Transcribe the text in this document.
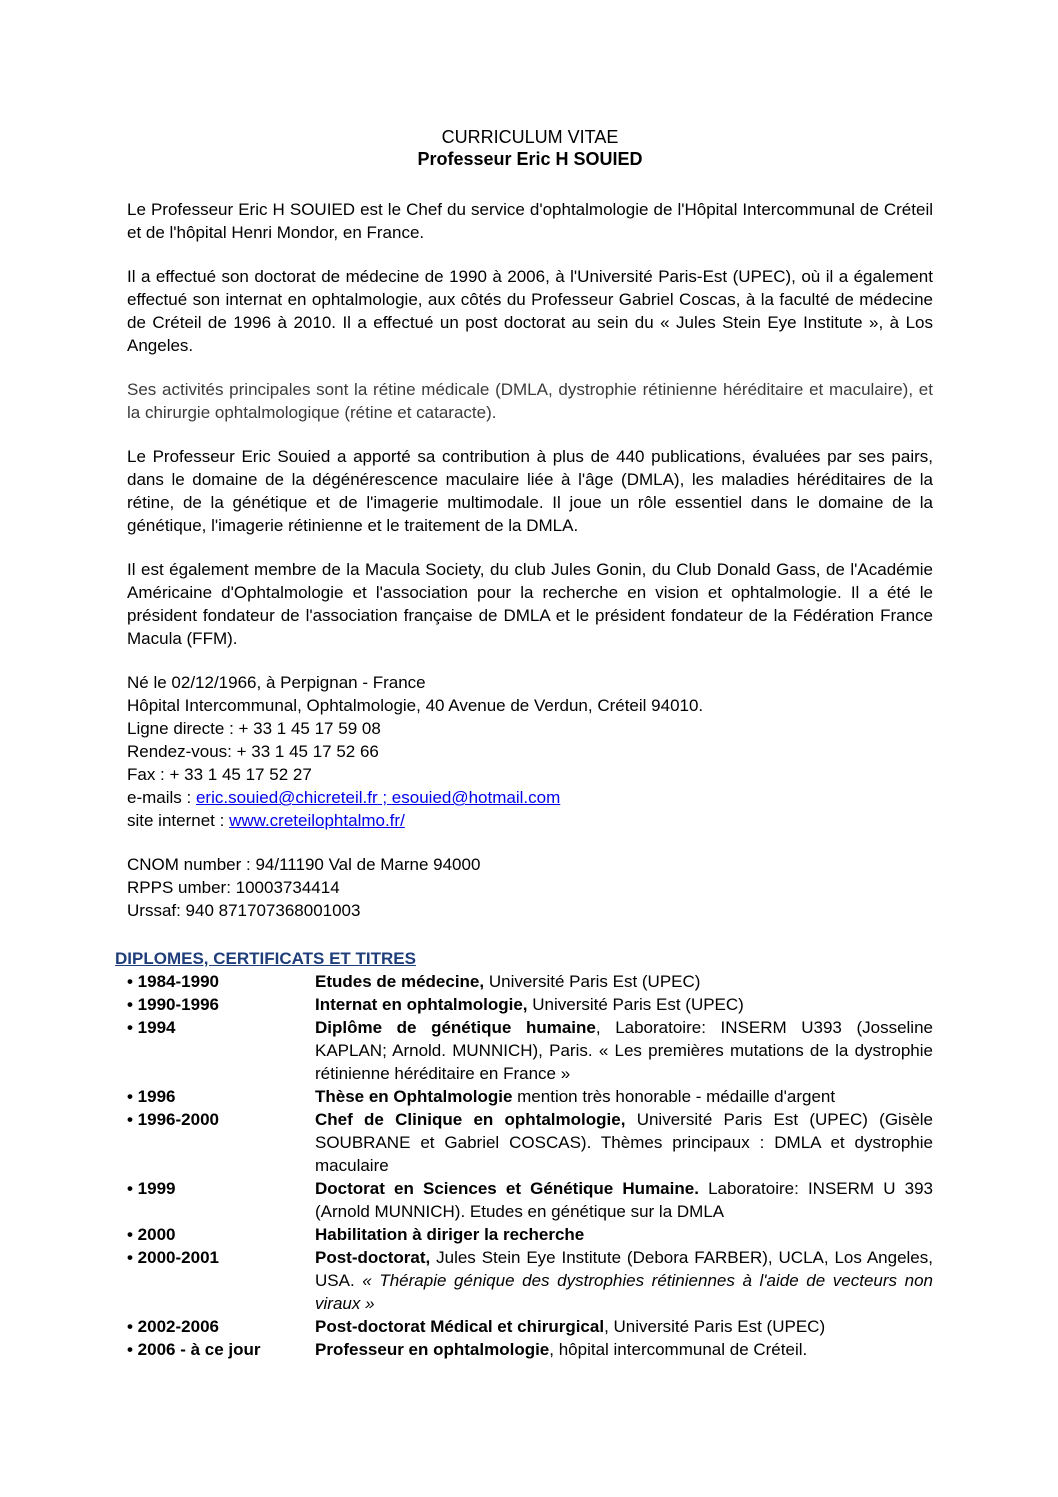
CURRICULUM VITAE

Professeur Eric H SOUIED

Le Professeur Eric H SOUIED est le Chef du service d'ophtalmologie de l'Hôpital Intercommunal de Créteil et de l'hôpital Henri Mondor, en France.

Il a effectué son doctorat de médecine de 1990 à 2006, à l'Université Paris-Est (UPEC), où il a également effectué son internat en ophtalmologie, aux côtés du Professeur Gabriel Coscas, à la faculté de médecine de Créteil de 1996 à 2010. Il a effectué un post doctorat au sein du « Jules Stein Eye Institute », à Los Angeles.

Ses activités principales sont la rétine médicale (DMLA, dystrophie rétinienne héréditaire et maculaire), et la chirurgie ophtalmologique (rétine et cataracte).

Le Professeur Eric Souied a apporté sa contribution à plus de 440 publications, évaluées par ses pairs, dans le domaine de la dégénérescence maculaire liée à l'âge (DMLA), les maladies héréditaires de la rétine, de la génétique et de l'imagerie multimodale. Il joue un rôle essentiel dans le domaine de la génétique, l'imagerie rétinienne et le traitement de la DMLA.

Il est également membre de la Macula Society, du club Jules Gonin, du Club Donald Gass, de l'Académie Américaine d'Ophtalmologie et l'association pour la recherche en vision et ophtalmologie. Il a été le président fondateur de l'association française de DMLA et le président fondateur de la Fédération France Macula (FFM).

Né le 02/12/1966, à Perpignan - France

Hôpital Intercommunal, Ophtalmologie, 40 Avenue de Verdun, Créteil 94010.

Ligne directe : + 33 1 45 17 59 08

Rendez-vous: + 33 1 45 17 52 66

Fax : + 33 1 45 17 52 27

e-mails : eric.souied@chicreteil.fr ; esouied@hotmail.com

site internet : www.creteilophtalmo.fr/

CNOM number : 94/11190 Val de Marne 94000

RPPS umber: 10003734414

Urssaf: 940 871707368001003

DIPLOMES, CERTIFICATS ET TITRES

• 1984-1990	Etudes de médecine, Université Paris Est (UPEC)
• 1990-1996	Internat en ophtalmologie, Université Paris Est (UPEC)
• 1994	Diplôme de génétique humaine, Laboratoire: INSERM U393 (Josseline KAPLAN; Arnold. MUNNICH), Paris. « Les premières mutations de la dystrophie rétinienne héréditaire en France »
• 1996	Thèse en Ophtalmologie mention très honorable - médaille d'argent
• 1996-2000	Chef de Clinique en ophtalmologie, Université Paris Est (UPEC) (Gisèle SOUBRANE et Gabriel COSCAS). Thèmes principaux : DMLA et dystrophie maculaire
• 1999	Doctorat en Sciences et Génétique Humaine. Laboratoire: INSERM U 393 (Arnold MUNNICH). Etudes en génétique sur la DMLA
• 2000	Habilitation à diriger la recherche
• 2000-2001	Post-doctorat, Jules Stein Eye Institute (Debora FARBER), UCLA, Los Angeles, USA. « Thérapie génique des dystrophies rétiniennes à l'aide de vecteurs non viraux »
• 2002-2006	Post-doctorat Médical et chirurgical, Université Paris Est (UPEC)
• 2006 - à ce jour	Professeur en ophtalmologie, hôpital intercommunal de Créteil.
